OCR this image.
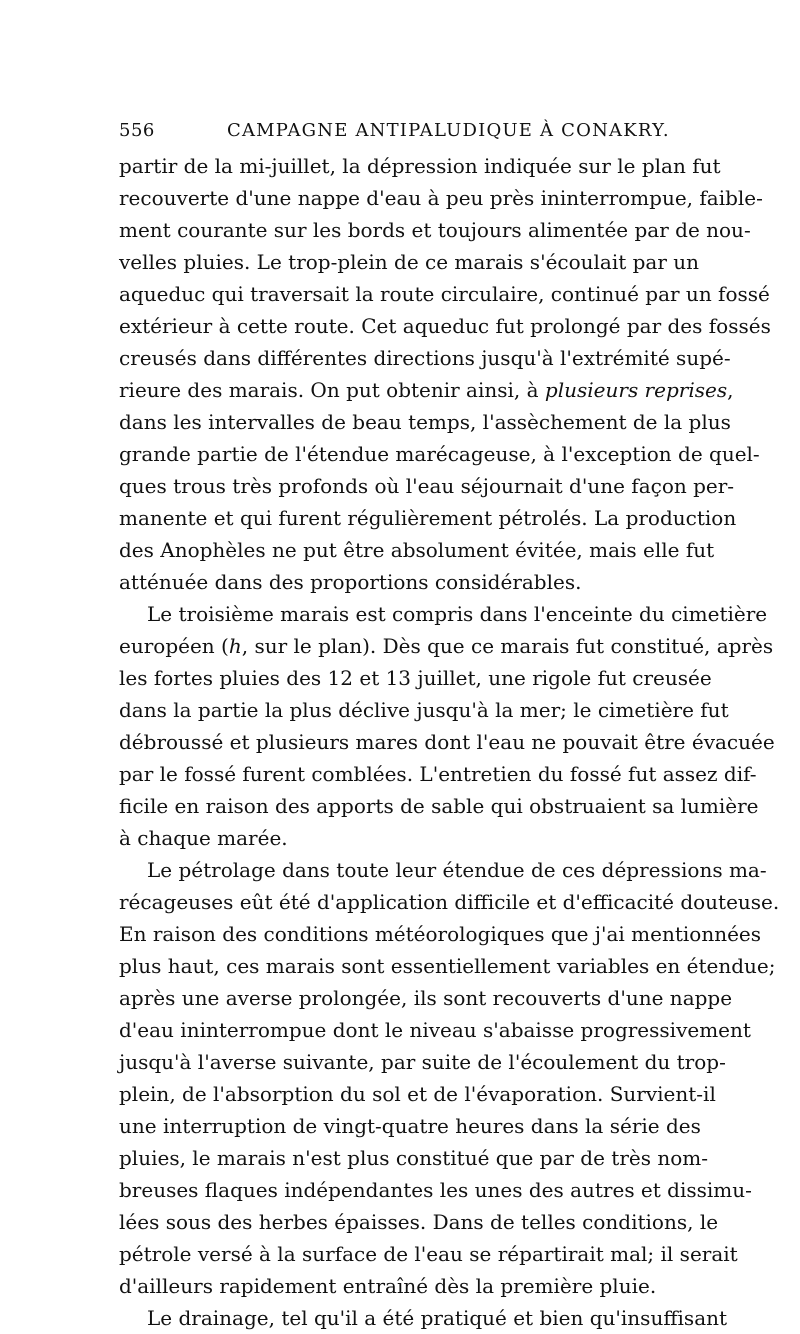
556	CAMPAGNE ANTIPALUDIQUE À CONAKRY.
partir de la mi-juillet, la dépression indiquée sur le plan fut
recouverte d'une nappe d'eau à peu près ininterrompue, faible-
ment courante sur les bords et toujours alimentée par de nou-
velles pluies. Le trop-plein de ce marais s'écoulait par un
aqueduc qui traversait la route circulaire, continué par un fossé
extérieur à cette route. Cet aqueduc fut prolongé par des fossés
creusés dans différentes directions jusqu'à l'extrémité supé-
rieure des marais. On put obtenir ainsi, à plusieurs reprises,
dans les intervalles de beau temps, l'assèchement de la plus
grande partie de l'étendue marécageuse, à l'exception de quel-
ques trous très profonds où l'eau séjournait d'une façon per-
manente et qui furent régulièrement pétrolés. La production
des Anophèles ne put être absolument évitée, mais elle fut
atténuée dans des proportions considérables.
Le troisième marais est compris dans l'enceinte du cimetière
européen (h, sur le plan). Dès que ce marais fut constitué, après
les fortes pluies des 12 et 13 juillet, une rigole fut creusée
dans la partie la plus déclive jusqu'à la mer; le cimetière fut
débroussé et plusieurs mares dont l'eau ne pouvait être évacuée
par le fossé furent comblées. L'entretien du fossé fut assez dif-
ficile en raison des apports de sable qui obstruaient sa lumière
à chaque marée.
Le pétrolage dans toute leur étendue de ces dépressions ma-
récageuses eût été d'application difficile et d'efficacité douteuse.
En raison des conditions météorologiques que j'ai mentionnées
plus haut, ces marais sont essentiellement variables en étendue;
après une averse prolongée, ils sont recouverts d'une nappe
d'eau ininterrompue dont le niveau s'abaisse progressivement
jusqu'à l'averse suivante, par suite de l'écoulement du trop-
plein, de l'absorption du sol et de l'évaporation. Survient-il
une interruption de vingt-quatre heures dans la série des
pluies, le marais n'est plus constitué que par de très nom-
breuses flaques indépendantes les unes des autres et dissimu-
lées sous des herbes épaisses. Dans de telles conditions, le
pétrole versé à la surface de l'eau se répartirait mal; il serait
d'ailleurs rapidement entraîné dès la première pluie.
Le drainage, tel qu'il a été pratiqué et bien qu'insuffisant
